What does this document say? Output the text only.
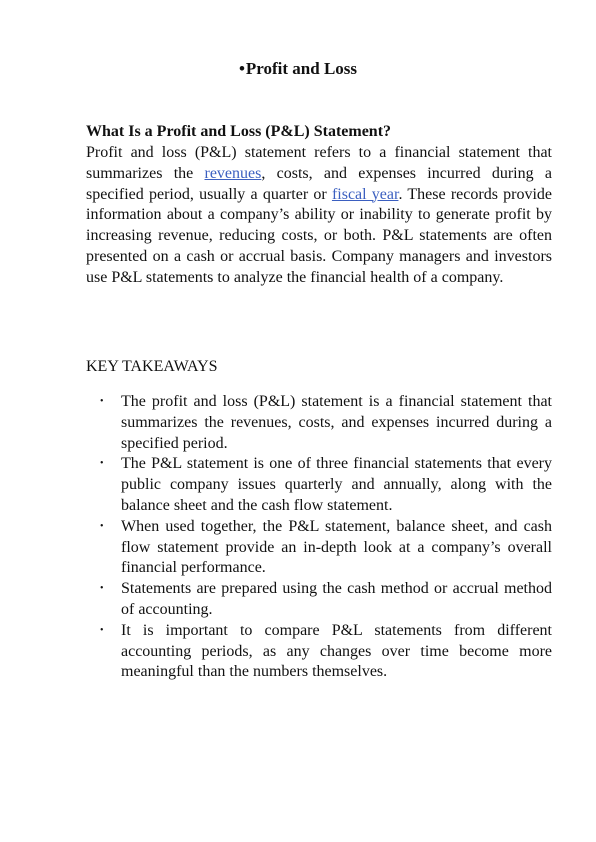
•Profit and Loss
What Is a Profit and Loss (P&L) Statement?

Profit and loss (P&L) statement refers to a financial statement that summarizes the revenues, costs, and expenses incurred during a specified period, usually a quarter or fiscal year. These records provide information about a company’s ability or inability to generate profit by increasing revenue, reducing costs, or both. P&L statements are often presented on a cash or accrual basis. Company managers and investors use P&L statements to analyze the financial health of a company.

KEY TAKEAWAYS
• The profit and loss (P&L) statement is a financial statement that summarizes the revenues, costs, and expenses incurred during a specified period.
• The P&L statement is one of three financial statements that every public company issues quarterly and annually, along with the balance sheet and the cash flow statement.
• When used together, the P&L statement, balance sheet, and cash flow statement provide an in-depth look at a company’s overall financial performance.
• Statements are prepared using the cash method or accrual method of accounting.
• It is important to compare P&L statements from different accounting periods, as any changes over time become more meaningful than the numbers themselves.
